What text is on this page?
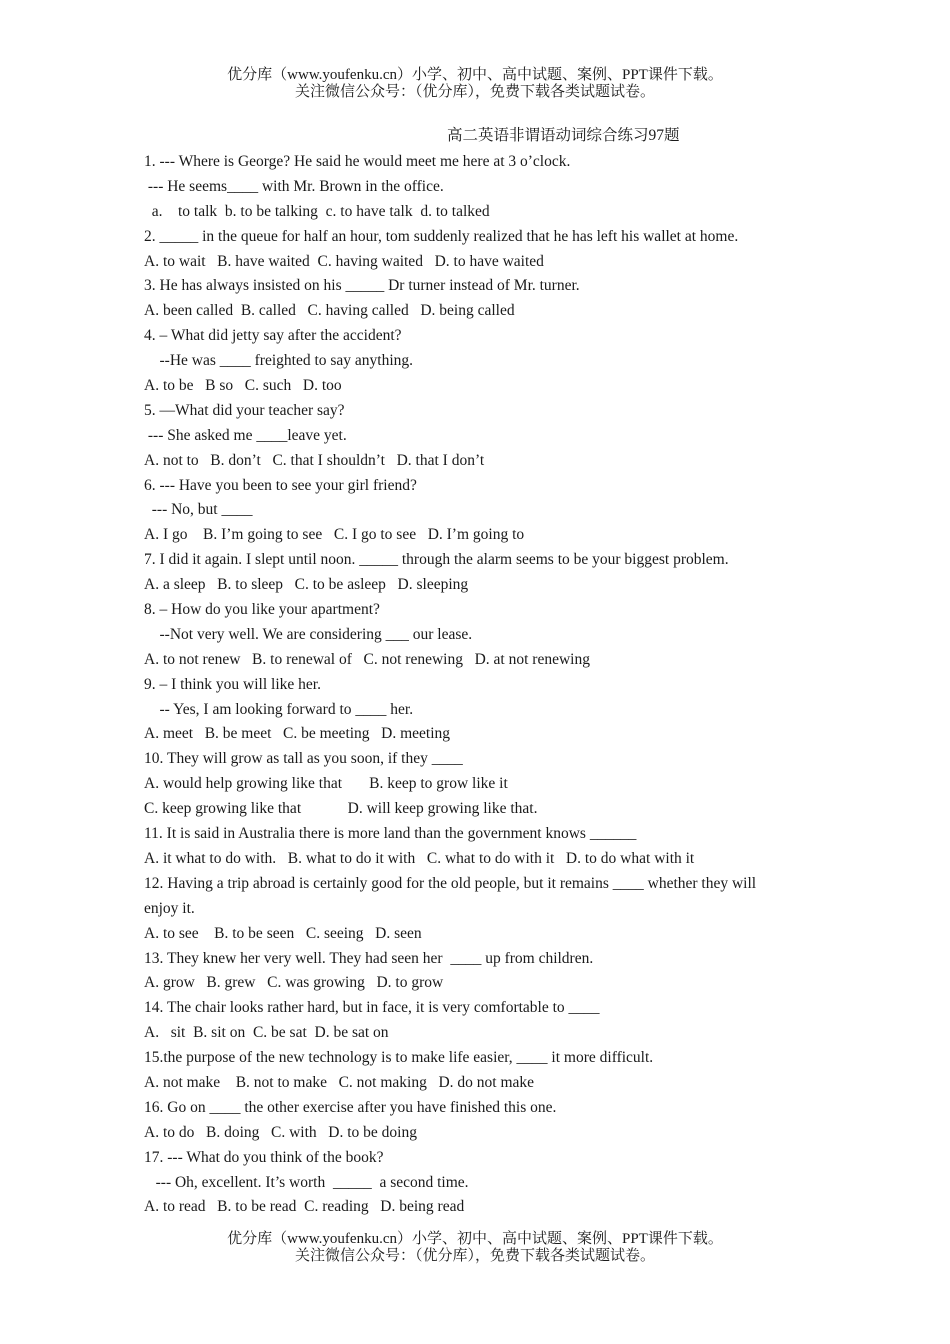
优分库（www.youfenku.cn）小学、初中、高中试题、案例、PPT课件下载。
关注微信公众号：（优分库），免费下载各类试题试卷。
高二英语非谓语动词综合练习97题
1. --- Where is George? He said he would meet me here at 3 o’clock.
--- He seems____ with Mr. Brown in the office.
a.    to talk  b. to be talking  c. to have talk  d. to talked
2. _____ in the queue for half an hour, tom suddenly realized that he has left his wallet at home.
A. to wait   B. have waited  C. having waited   D. to have waited
3. He has always insisted on his _____ Dr turner instead of Mr. turner.
A. been called  B. called   C. having called   D. being called
4. – What did jetty say after the accident?
--He was ____ freighted to say anything.
A. to be   B so   C. such   D. too
5. —What did your teacher say?
--- She asked me ____leave yet.
A. not to   B. don’t   C. that I shouldn’t   D. that I don’t
6. --- Have you been to see your girl friend?
--- No, but ____
A. I go    B. I’m going to see   C. I go to see   D. I’m going to
7. I did it again. I slept until noon. _____ through the alarm seems to be your biggest problem.
A. a sleep   B. to sleep   C. to be asleep   D. sleeping
8. – How do you like your apartment?
--Not very well. We are considering ___ our lease.
A. to not renew   B. to renewal of   C. not renewing   D. at not renewing
9. – I think you will like her.
-- Yes, I am looking forward to ____ her.
A. meet   B. be meet   C. be meeting   D. meeting
10. They will grow as tall as you soon, if they ____
A. would help growing like that       B. keep to grow like it
C. keep growing like that            D. will keep growing like that.
11. It is said in Australia there is more land than the government knows ______
A. it what to do with.   B. what to do it with   C. what to do with it   D. to do what with it
12. Having a trip abroad is certainly good for the old people, but it remains ____ whether they will
enjoy it.
A. to see    B. to be seen   C. seeing   D. seen
13. They knew her very well. They had seen her  ____ up from children.
A. grow   B. grew   C. was growing   D. to grow
14. The chair looks rather hard, but in face, it is very comfortable to ____
A.   sit  B. sit on  C. be sat  D. be sat on
15.the purpose of the new technology is to make life easier, ____ it more difficult.
A. not make    B. not to make   C. not making   D. do not make
16. Go on ____ the other exercise after you have finished this one.
A. to do   B. doing   C. with   D. to be doing
17. --- What do you think of the book?
--- Oh, excellent. It’s worth  _____  a second time.
A. to read   B. to be read  C. reading   D. being read
优分库（www.youfenku.cn）小学、初中、高中试题、案例、PPT课件下载。
关注微信公众号：（优分库），免费下载各类试题试卷。
